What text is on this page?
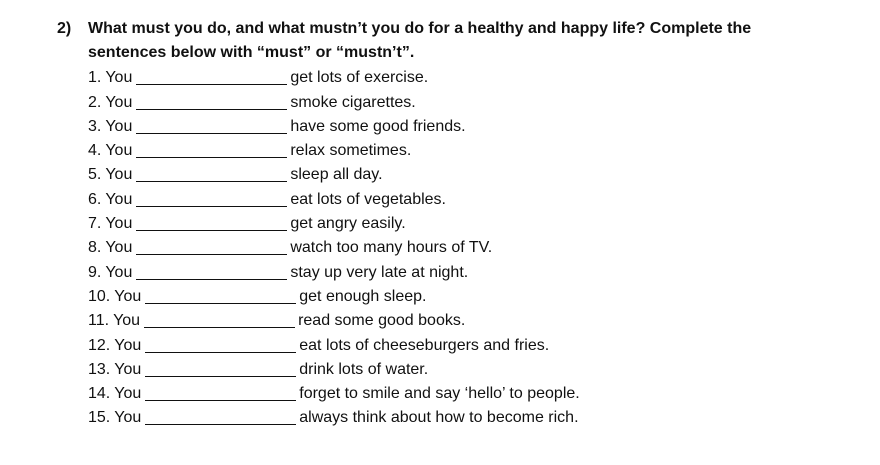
2) What must you do, and what mustn’t you do for a healthy and happy life? Complete the
sentences below with “must” or “mustn’t”.
1. You	get lots of exercise.
2. You	smoke cigarettes.
3. You	have some good friends.
4. You	relax sometimes.
5. You	sleep all day.
6. You	eat lots of vegetables.
7. You	get angry easily.
8. You	watch too many hours of TV.
9. You	stay up very late at night.
10. You	get enough sleep.
11. You	read some good books.
12. You	eat lots of cheeseburgers and fries.
13. You	drink lots of water.
14. You	forget to smile and say ‘hello’ to people.
15. You	always think about how to become rich.
